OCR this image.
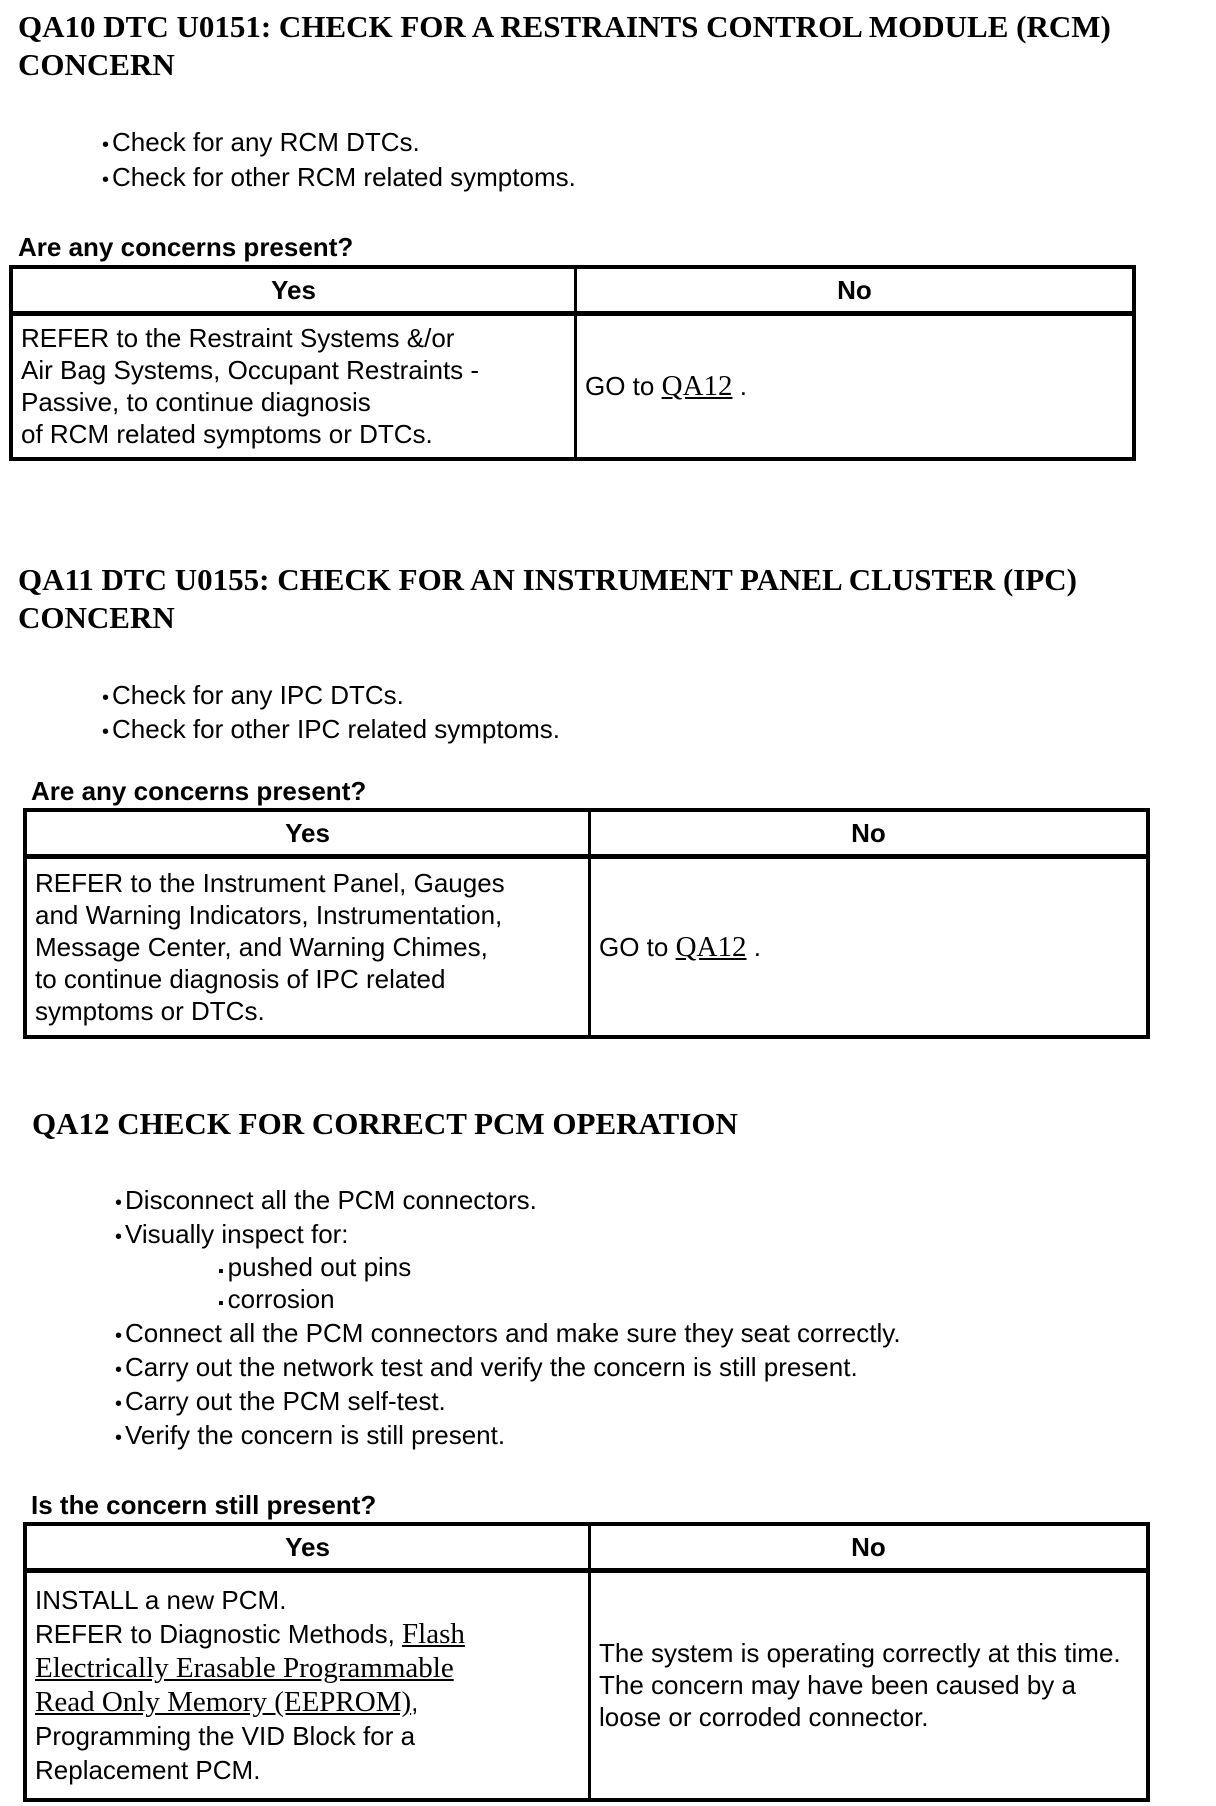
QA10 DTC U0151: CHECK FOR A RESTRAINTS CONTROL MODULE (RCM)
CONCERN
• Check for any RCM DTCs.
• Check for other RCM related symptoms.
Are any concerns present?
Yes	No

REFER to the Restraint Systems &/or
Air Bag Systems, Occupant Restraints -
Passive, to continue diagnosis
of RCM related symptoms or DTCs.	GO to QA12 .
QA11 DTC U0155: CHECK FOR AN INSTRUMENT PANEL CLUSTER (IPC)
CONCERN
• Check for any IPC DTCs.
• Check for other IPC related symptoms.
Are any concerns present?
Yes	No

REFER to the Instrument Panel, Gauges
and Warning Indicators, Instrumentation,
Message Center, and Warning Chimes,
to continue diagnosis of IPC related
symptoms or DTCs.	GO to QA12 .
QA12 CHECK FOR CORRECT PCM OPERATION
• Disconnect all the PCM connectors.
• Visually inspect for:
▪ pushed out pins
▪ corrosion
• Connect all the PCM connectors and make sure they seat correctly.
• Carry out the network test and verify the concern is still present.
• Carry out the PCM self-test.
• Verify the concern is still present.
Is the concern still present?
Yes	No

INSTALL a new PCM.
REFER to Diagnostic Methods, Flash Electrically Erasable Programmable Read Only Memory (EEPROM), Programming the VID Block for a Replacement PCM.	The system is operating correctly at this time. The concern may have been caused by a loose or corroded connector.
